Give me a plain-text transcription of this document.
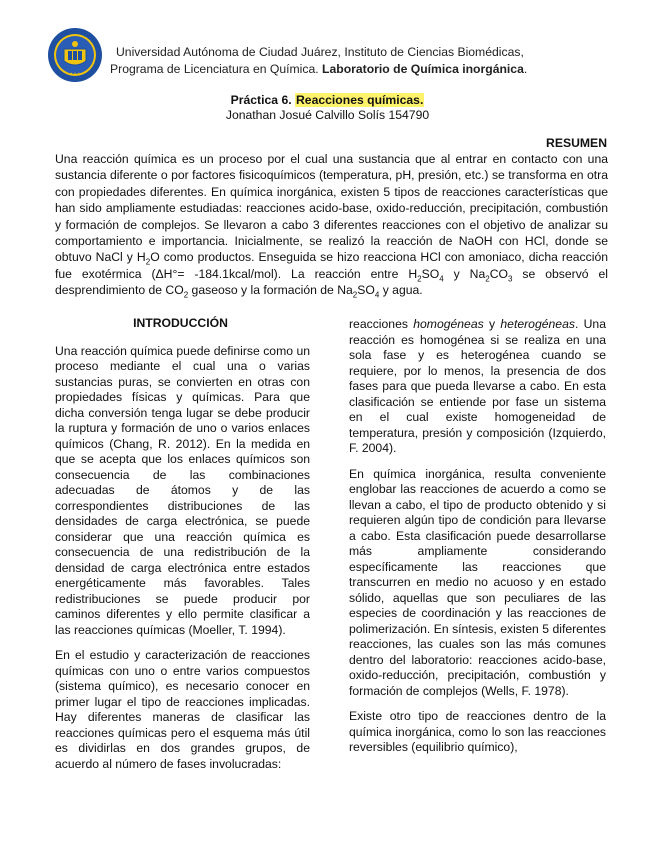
• • •
Universidad Autónoma de Ciudad Juárez, Instituto de Ciencias Biomédicas,
Programa de Licenciatura en Química. Laboratorio de Química inorgánica.
Práctica 6. Reacciones químicas.
Jonathan Josué Calvillo Solís 154790
RESUMEN

Una reacción química es un proceso por el cual una sustancia que al entrar en contacto con una sustancia diferente o por factores fisicoquímicos (temperatura, pH, presión, etc.) se transforma en otra con propiedades diferentes. En química inorgánica, existen 5 tipos de reacciones características que han sido ampliamente estudiadas: reacciones acido-base, oxido-reducción, precipitación, combustión y formación de complejos. Se llevaron a cabo 3 diferentes reacciones con el objetivo de analizar su comportamiento e importancia. Inicialmente, se realizó la reacción de NaOH con HCl, donde se obtuvo NaCl y $H_2O$ como productos. Enseguida se hizo reacciona HCl con amoniaco, dicha reacción fue exotérmica (ΔH°= -184.1kcal/mol). La reacción entre $H_2SO_4$ y $Na_2CO_3$ se observó el desprendimiento de $CO_2$ gaseoso y la formación de $Na_2SO_4$ y agua.

INTRODUCCIÓN

Una reacción química puede definirse como un proceso mediante el cual una o varias sustancias puras, se convierten en otras con propiedades físicas y químicas. Para que dicha conversión tenga lugar se debe producir la ruptura y formación de uno o varios enlaces químicos (Chang, R. 2012). En la medida en que se acepta que los enlaces químicos son consecuencia de las combinaciones adecuadas de átomos y de las correspondientes distribuciones de las densidades de carga electrónica, se puede considerar que una reacción química es consecuencia de una redistribución de la densidad de carga electrónica entre estados energéticamente más favorables. Tales redistribuciones se puede producir por caminos diferentes y ello permite clasificar a las reacciones químicas (Moeller, T. 1994).

En el estudio y caracterización de reacciones químicas con uno o entre varios compuestos (sistema químico), es necesario conocer en primer lugar el tipo de reacciones implicadas. Hay diferentes maneras de clasificar las reacciones químicas pero el esquema más útil es dividirlas en dos grandes grupos, de acuerdo al número de fases involucradas:

reacciones homogéneas y heterogéneas. Una reacción es homogénea si se realiza en una sola fase y es heterogénea cuando se requiere, por lo menos, la presencia de dos fases para que pueda llevarse a cabo. En esta clasificación se entiende por fase un sistema en el cual existe homogeneidad de temperatura, presión y composición (Izquierdo, F. 2004).

En química inorgánica, resulta conveniente englobar las reacciones de acuerdo a como se llevan a cabo, el tipo de producto obtenido y si requieren algún tipo de condición para llevarse a cabo. Esta clasificación puede desarrollarse más ampliamente considerando específicamente las reacciones que transcurren en medio no acuoso y en estado sólido, aquellas que son peculiares de las especies de coordinación y las reacciones de polimerización. En síntesis, existen 5 diferentes reacciones, las cuales son las más comunes dentro del laboratorio: reacciones acido-base, oxido-reducción, precipitación, combustión y formación de complejos (Wells, F. 1978).

Existe otro tipo de reacciones dentro de la química inorgánica, como lo son las reacciones reversibles (equilibrio químico),
